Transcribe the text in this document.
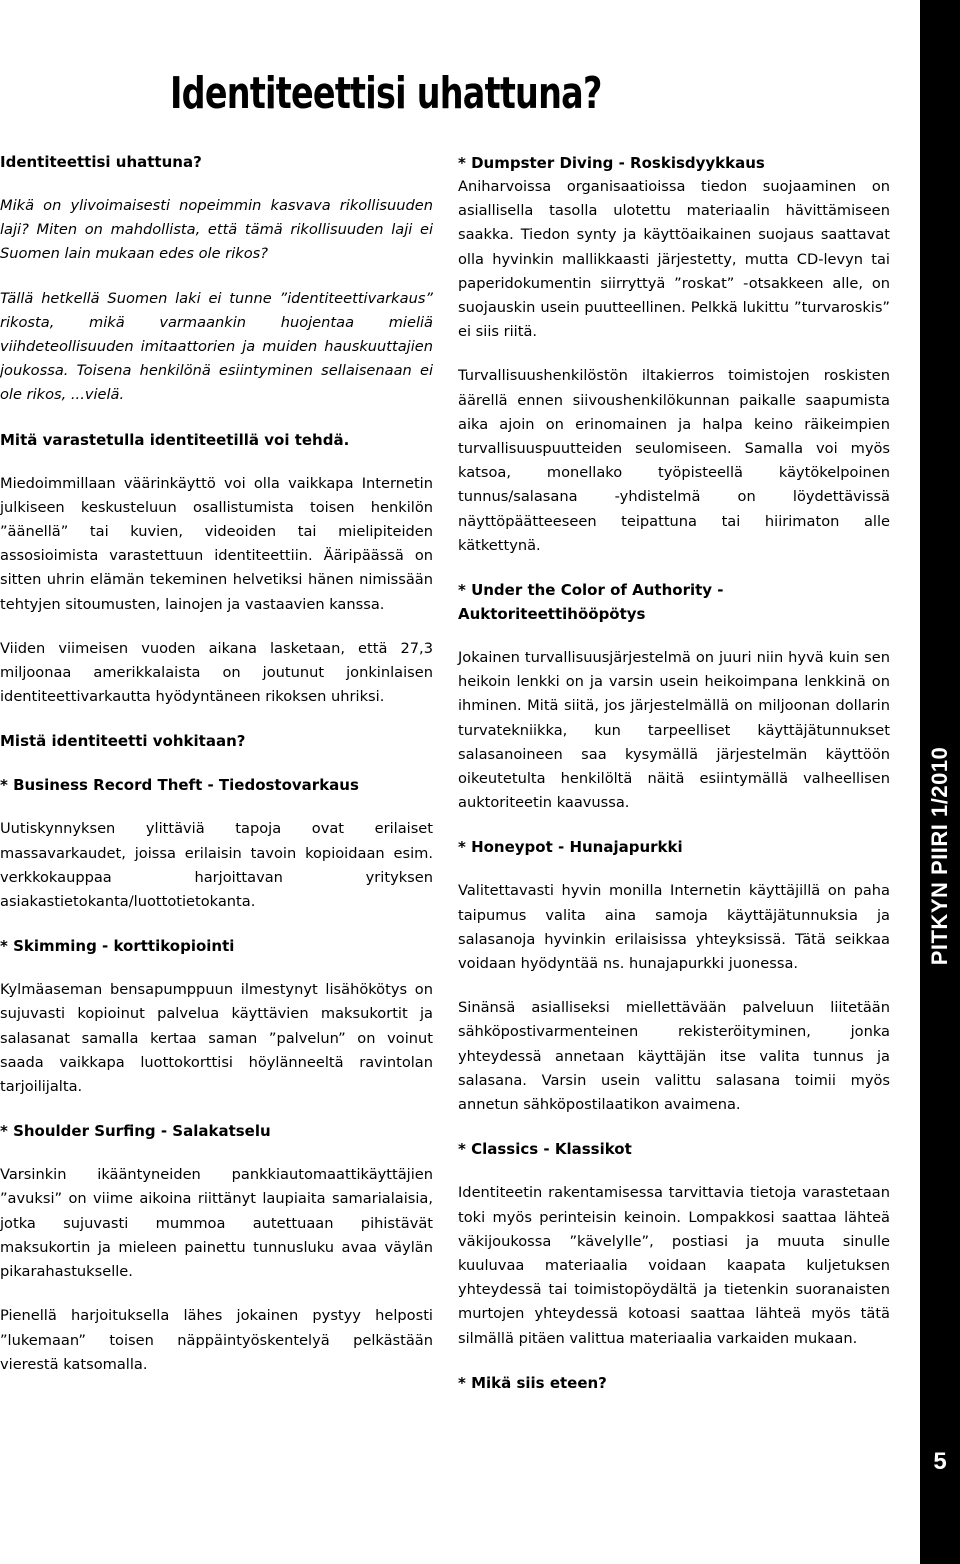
Identiteettisi uhattuna?
Identiteettisi uhattuna?

Mikä on ylivoimaisesti nopeimmin kasvava rikollisuuden laji? Miten on mahdollista, että tämä rikollisuuden laji ei Suomen lain mukaan edes ole rikos?

Tällä hetkellä Suomen laki ei tunne ”identiteettivarkaus” rikosta, mikä varmaankin huojentaa mieliä viihdeteollisuuden imitaattorien ja muiden hauskuuttajien joukossa. Toisena henkilönä esiintyminen sellaisenaan ei ole rikos, ...vielä.

Mitä varastetulla identiteetillä voi tehdä.

Miedoimmillaan väärinkäyttö voi olla vaikkapa Internetin julkiseen keskusteluun osallistumista toisen henkilön ”äänellä” tai kuvien, videoiden tai mielipiteiden assosioimista varastettuun identiteettiin. Ääripäässä on sitten uhrin elämän tekeminen helvetiksi hänen nimissään tehtyjen sitoumusten, lainojen ja vastaavien kanssa.

Viiden viimeisen vuoden aikana lasketaan, että 27,3 miljoonaa amerikkalaista on joutunut jonkinlaisen identiteettivarkautta hyödyntäneen rikoksen uhriksi.

Mistä identiteetti vohkitaan?
* Business Record Theft - Tiedostovarkaus

Uutiskynnyksen ylittäviä tapoja ovat erilaiset massavarkaudet, joissa erilaisin tavoin kopioidaan esim. verkkokauppaa harjoittavan yrityksen asiakastietokanta/luottotietokanta.

* Skimming - korttikopiointi

Kylmäaseman bensapumppuun ilmestynyt lisähökötys on sujuvasti kopioinut palvelua käyttävien maksukortit ja salasanat samalla kertaa saman ”palvelun” on voinut saada vaikkapa luottokorttisi höylänneeltä ravintolan tarjoilijalta.

* Shoulder Surfing - Salakatselu

Varsinkin ikääntyneiden pankkiautomaattikäyttäjien ”avuksi” on viime aikoina riittänyt laupiaita samarialaisia, jotka sujuvasti mummoa autettuaan pihistävät maksukortin ja mieleen painettu tunnusluku avaa väylän pikarahastukselle.

Pienellä harjoituksella lähes jokainen pystyy helposti ”lukemaan” toisen näppäintyöskentelyä pelkästään vierestä katsomalla.

* Dumpster Diving - Roskisdyykkaus

Aniharvoissa organisaatioissa tiedon suojaaminen on asiallisella tasolla ulotettu materiaalin hävittämiseen saakka. Tiedon synty ja käyttöaikainen suojaus saattavat olla hyvinkin mallikkaasti järjestetty, mutta CD-levyn tai paperidokumentin siirryttyä ”roskat” -otsakkeen alle, on suojauskin usein puutteellinen. Pelkkä lukittu ”turvaroskis” ei siis riitä.

Turvallisuushenkilöstön iltakierros toimistojen roskisten äärellä ennen siivoushenkilökunnan paikalle saapumista aika ajoin on erinomainen ja halpa keino räikeimpien turvallisuuspuutteiden seulomiseen. Samalla voi myös katsoa, monellako työpisteellä käytökelpoinen tunnus/salasana -yhdistelmä on löydettävissä näyttöpäätteeseen teipattuna tai hiirimaton alle kätkettynä.

* Under the Color of Authority - Auktoriteettihööpötys

Jokainen turvallisuusjärjestelmä on juuri niin hyvä kuin sen heikoin lenkki on ja varsin usein heikoimpana lenkkinä on ihminen. Mitä siitä, jos järjestelmällä on miljoonan dollarin turvatekniikka, kun tarpeelliset käyttäjätunnukset salasanoineen saa kysymällä järjestelmän käyttöön oikeutetulta henkilöltä näitä esiintymällä valheellisen auktoriteetin kaavussa.

* Honeypot - Hunajapurkki

Valitettavasti hyvin monilla Internetin käyttäjillä on paha taipumus valita aina samoja käyttäjätunnuksia ja salasanoja hyvinkin erilaisissa yhteyksissä. Tätä seikkaa voidaan hyödyntää ns. hunajapurkki juonessa.

Sinänsä asialliseksi miellettävään palveluun liitetään sähköpostivarmenteinen rekisteröityminen, jonka yhteydessä annetaan käyttäjän itse valita tunnus ja salasana. Varsin usein valittu salasana toimii myös annetun sähköpostilaatikon avaimena.

* Classics - Klassikot

Identiteetin rakentamisessa tarvittavia tietoja varastetaan toki myös perinteisin keinoin. Lompakkosi saattaa lähteä väkijoukossa ”kävelylle”, postiasi ja muuta sinulle kuuluvaa materiaalia voidaan kaapata kuljetuksen yhteydessä tai toimistopöydältä ja tietenkin suoranaisten murtojen yhteydessä kotoasi saattaa lähteä myös tätä silmällä pitäen valittua materiaalia varkaiden mukaan.

* Mikä siis eteen?
PITKYN PIIRI 1/2010
5
